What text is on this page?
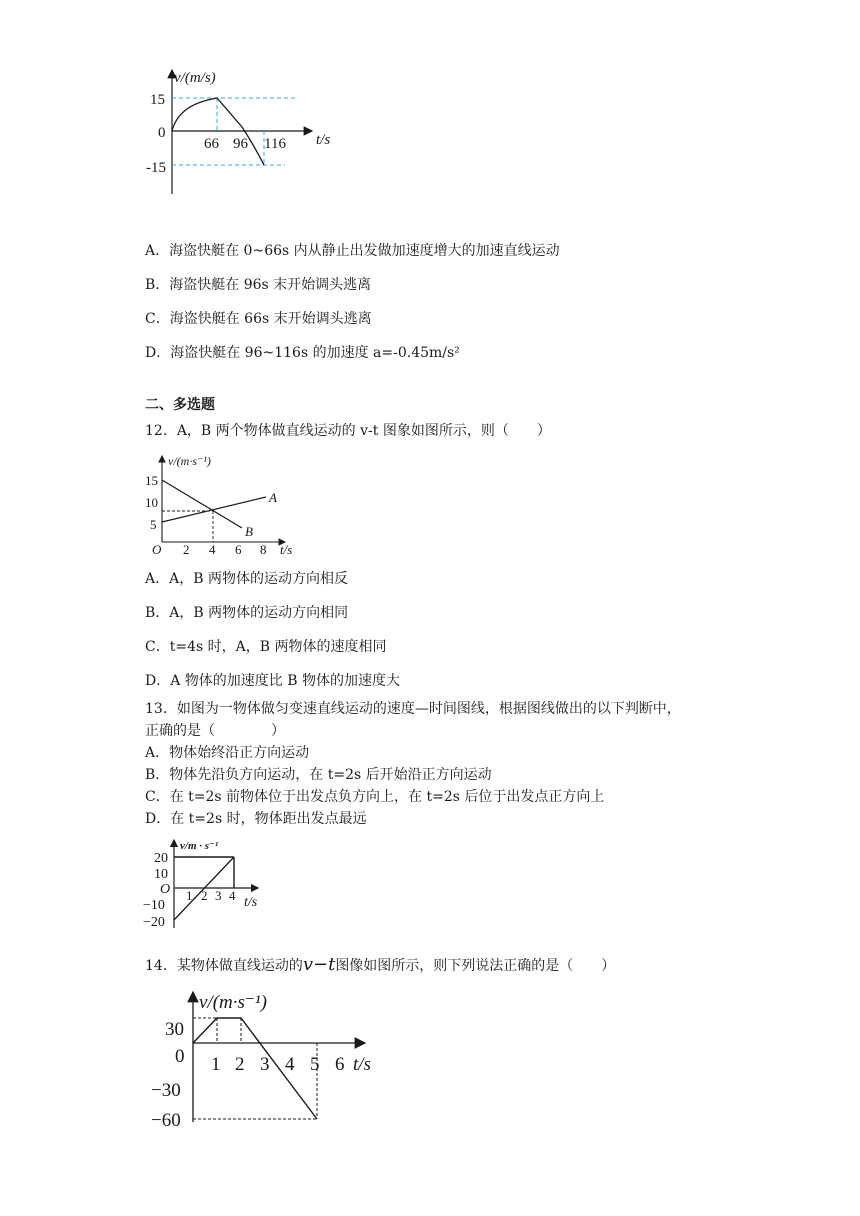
v/(m/s)
15
0
-15
66 96 116 t/s
A．海盗快艇在 0~66s 内从静止出发做加速度增大的加速直线运动
B．海盗快艇在 96s 末开始调头逃离
C．海盗快艇在 66s 末开始调头逃离
D．海盗快艇在 96~116s 的加速度 a=-0.45m/s²
二、多选题
12．A，B 两个物体做直线运动的 v-t 图象如图所示，则（　　）
v/(m·s⁻¹)
15
10
5
O 2 4 6 8 t/s
A
B
A．A，B 两物体的运动方向相反
B．A，B 两物体的运动方向相同
C．t=4s 时，A，B 两物体的速度相同
D．A 物体的加速度比 B 物体的加速度大
13．如图为一物体做匀变速直线运动的速度—时间图线，根据图线做出的以下判断中，
正确的是（　　　　）
A．物体始终沿正方向运动
B．物体先沿负方向运动，在 t=2s 后开始沿正方向运动
C．在 t=2s 前物体位于出发点负方向上，在 t=2s 后位于出发点正方向上
D．在 t=2s 时，物体距出发点最远
v/m · s⁻¹
20
10
O
−10
−20
1 2 3 4 t/s
14．某物体做直线运动的v−t图像如图所示，则下列说法正确的是（　　）
v/(m·s⁻¹)
30
0
−30
−60
1 2 3 4 5 6 t/s
